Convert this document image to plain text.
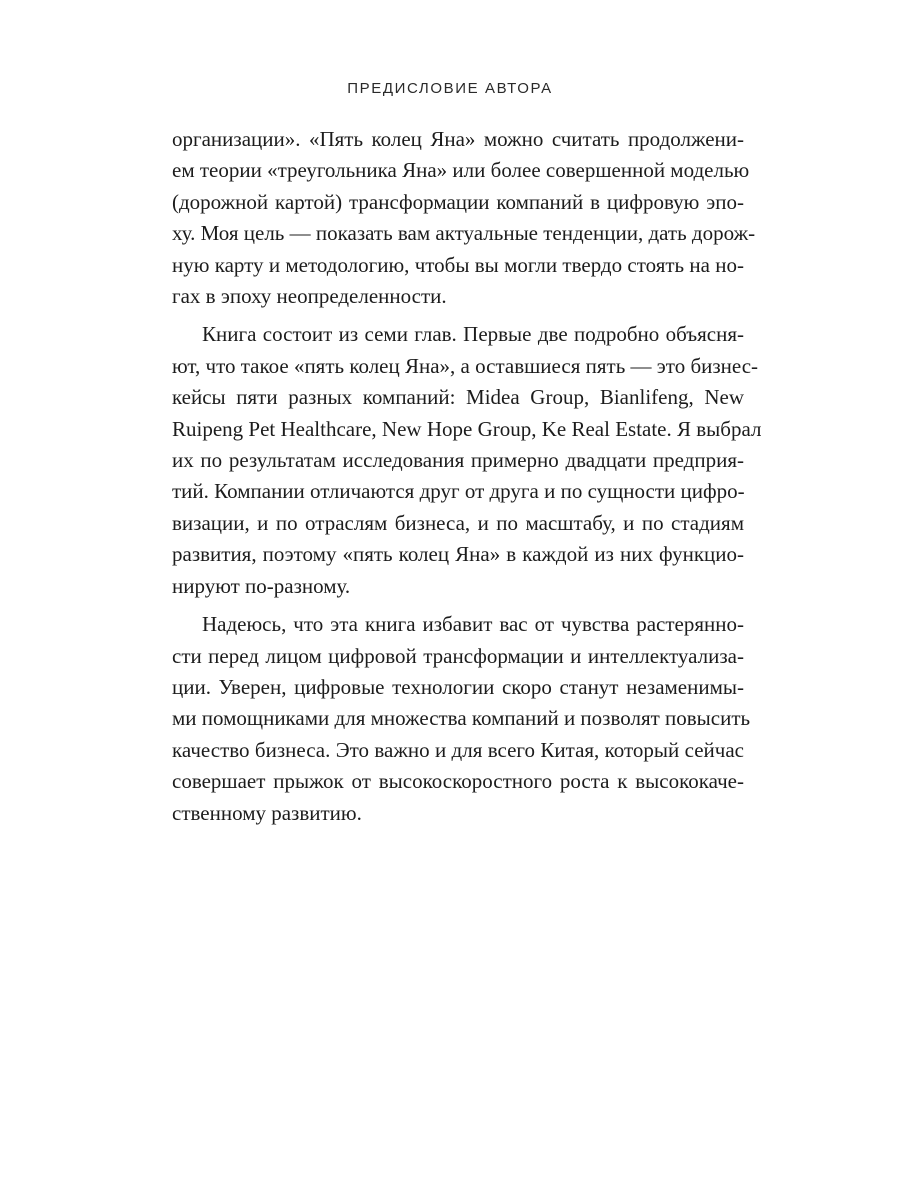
ПРЕДИСЛОВИЕ АВТОРА

организации». «Пять колец Яна» можно считать продолжени-
ем теории «треугольника Яна» или более совершенной моделью
(дорожной картой) трансформации компаний в цифровую эпо-
ху. Моя цель — показать вам актуальные тенденции, дать дорож-
ную карту и методологию, чтобы вы могли твердо стоять на но-
гах в эпоху неопределенности.

Книга состоит из семи глав. Первые две подробно объясня-
ют, что такое «пять колец Яна», а оставшиеся пять — это бизнес-
кейсы пяти разных компаний: Midea Group, Bianlifeng, New
Ruipeng Pet Healthcare, New Hope Group, Ke Real Estate. Я выбрал
их по результатам исследования примерно двадцати предприя-
тий. Компании отличаются друг от друга и по сущности цифро-
визации, и по отраслям бизнеса, и по масштабу, и по стадиям
развития, поэтому «пять колец Яна» в каждой из них функцио-
нируют по-разному.

Надеюсь, что эта книга избавит вас от чувства растерянно-
сти перед лицом цифровой трансформации и интеллектуализа-
ции. Уверен, цифровые технологии скоро станут незаменимы-
ми помощниками для множества компаний и позволят повысить
качество бизнеса. Это важно и для всего Китая, который сейчас
совершает прыжок от высокоскоростного роста к высококаче-
ственному развитию.
